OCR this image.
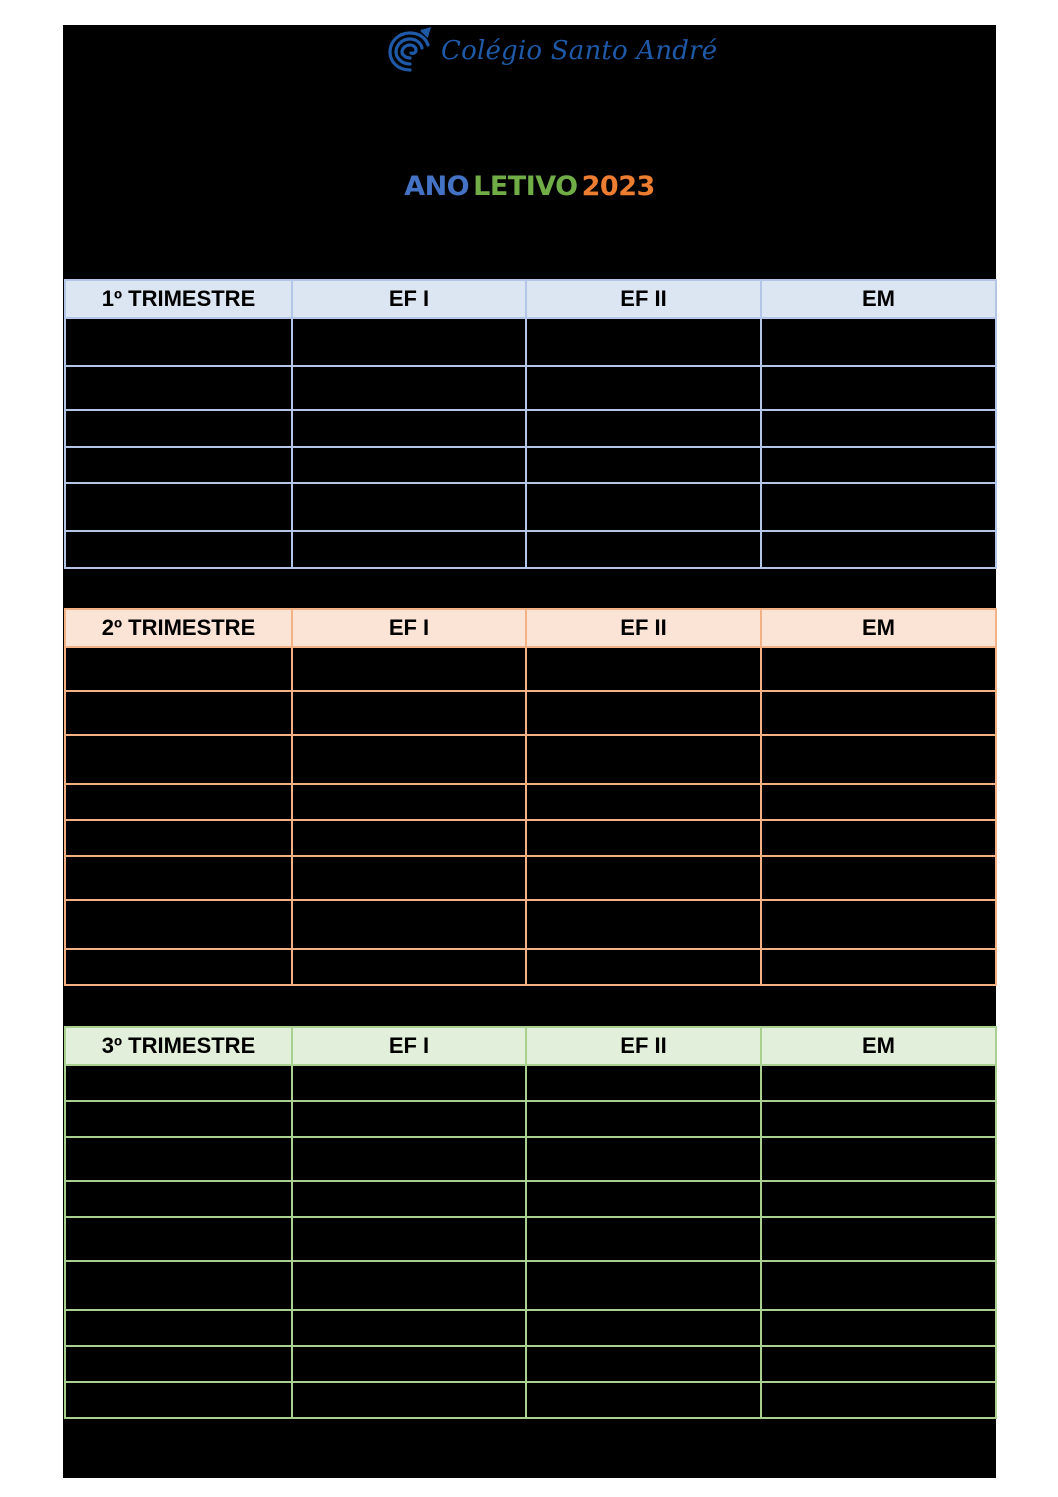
Colégio Santo André
ANO LETIVO 2023
1º TRIMESTRE	EF I	EF II	EM

2º TRIMESTRE	EF I	EF II	EM

3º TRIMESTRE	EF I	EF II	EM
